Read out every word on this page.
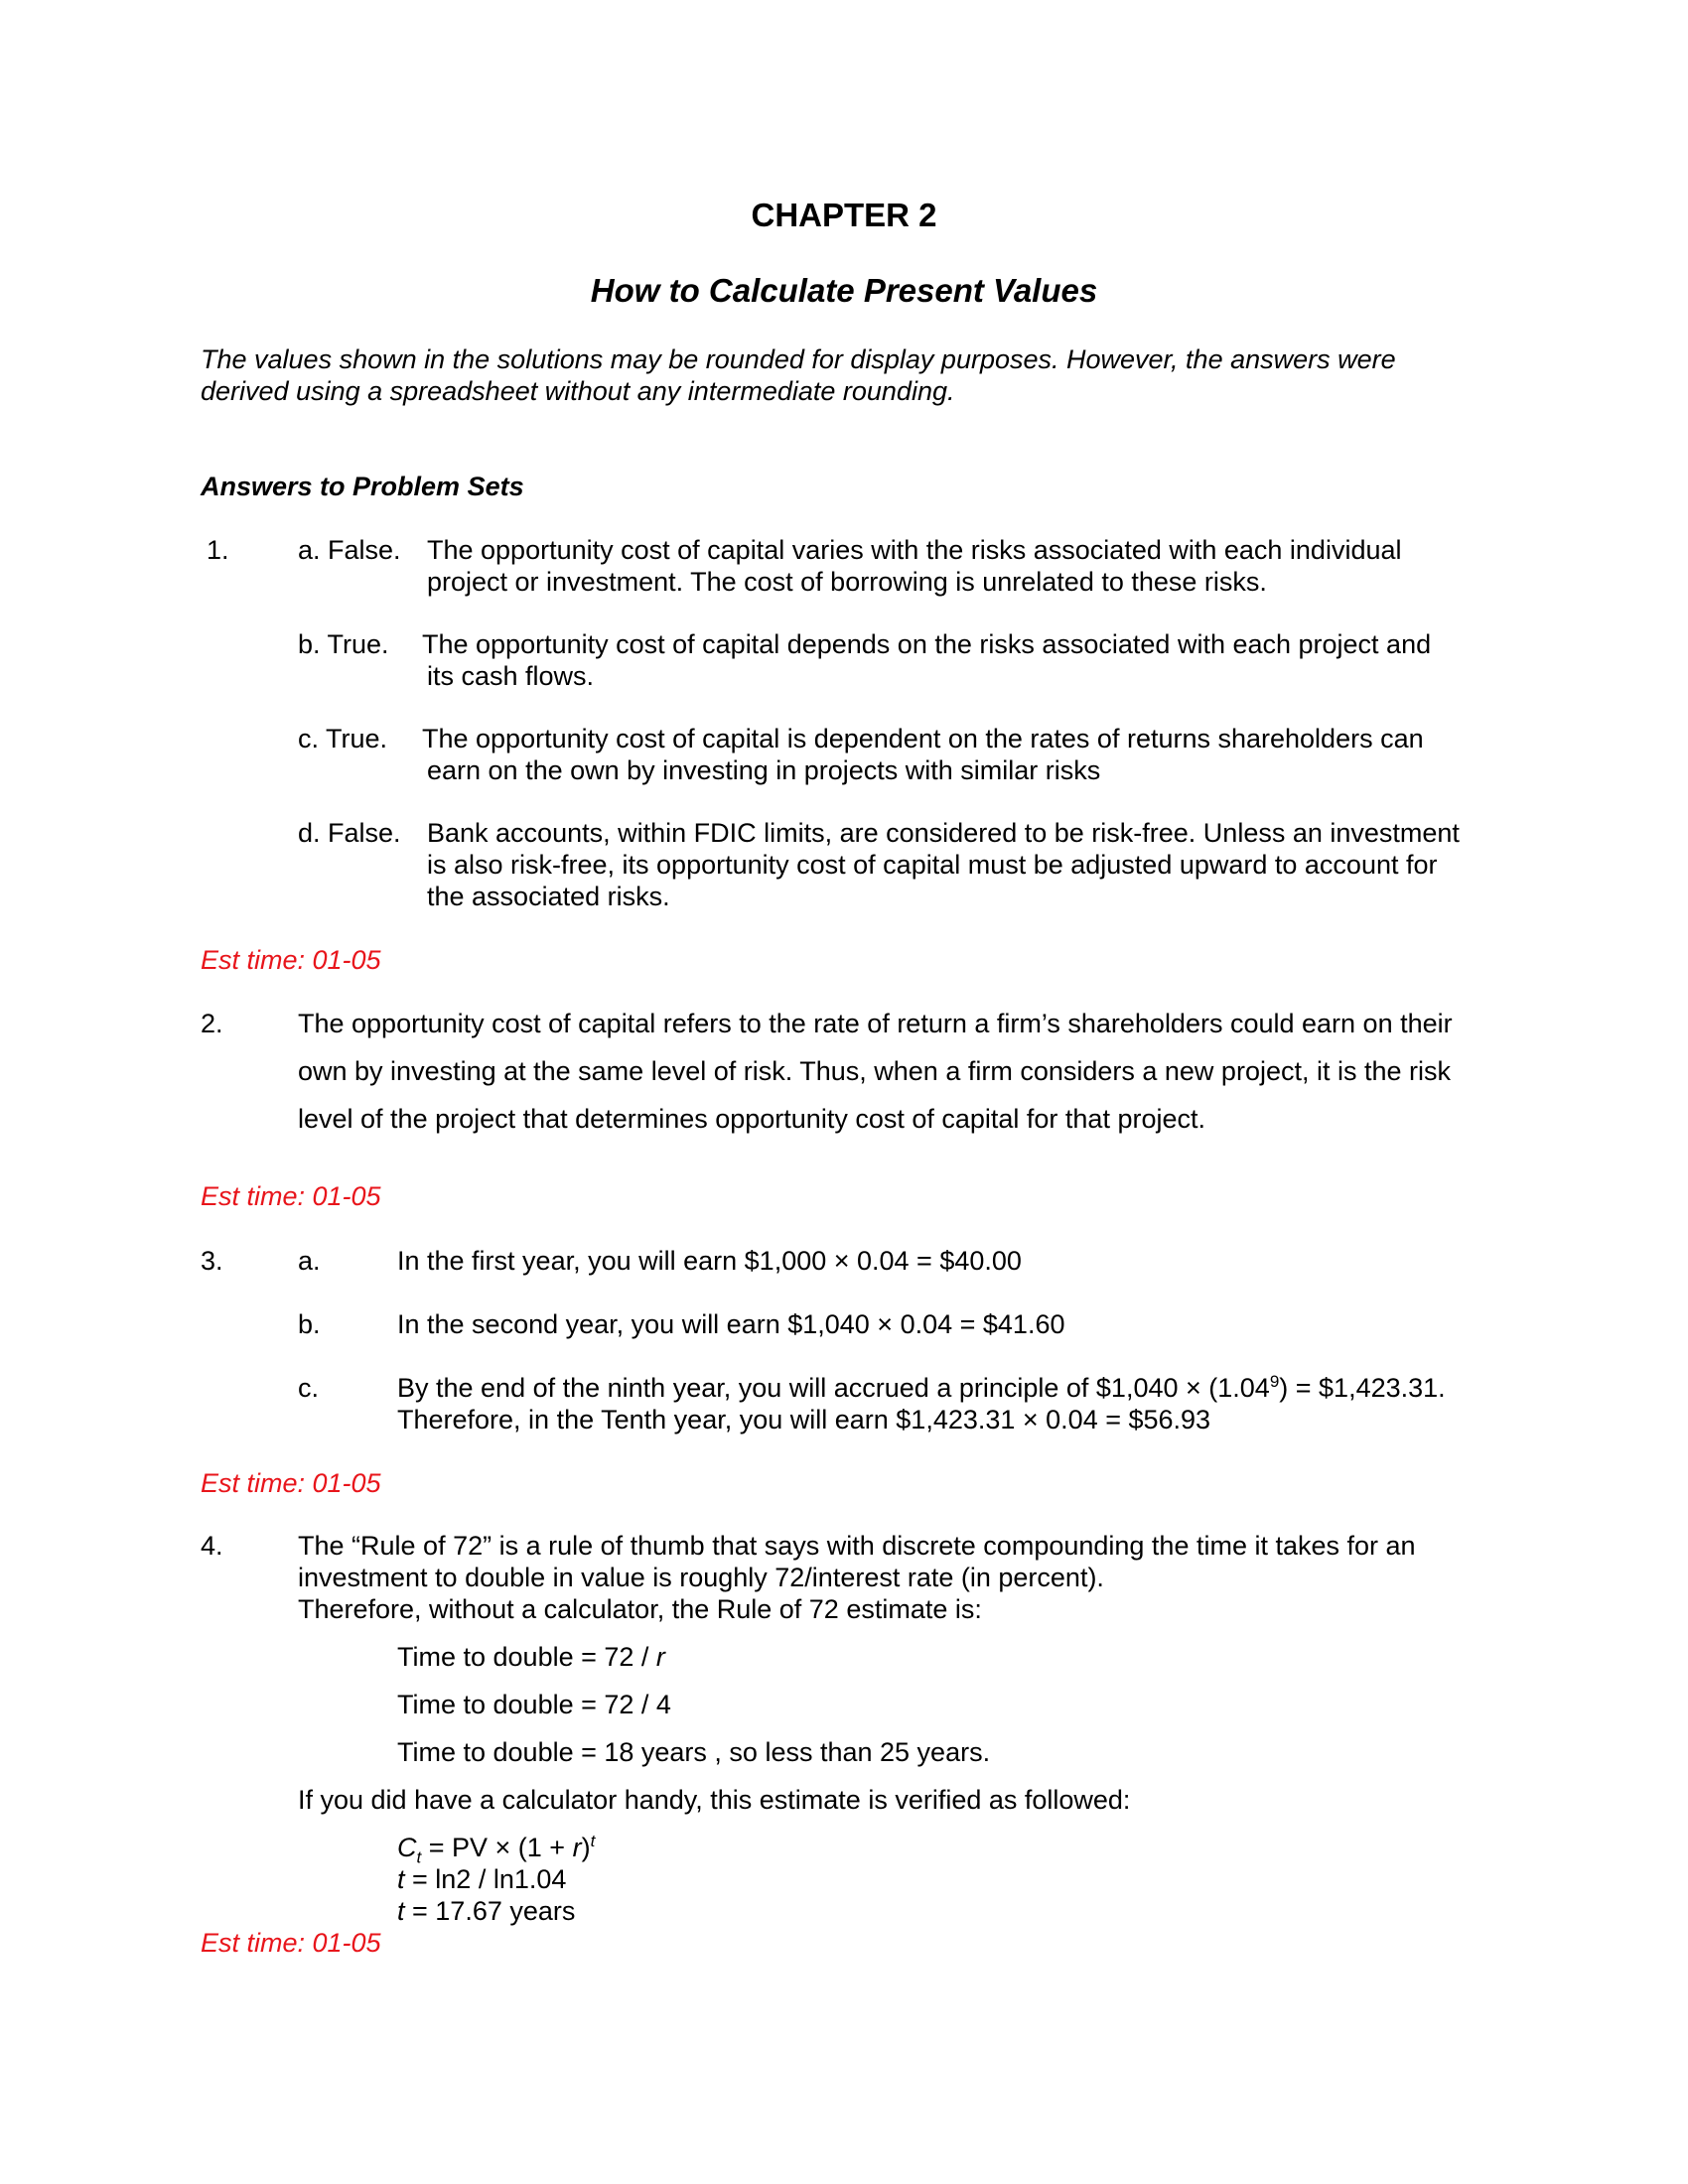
CHAPTER 2
How to Calculate Present Values
The values shown in the solutions may be rounded for display purposes. However, the answers were
derived using a spreadsheet without any intermediate rounding.
Answers to Problem Sets
1.	a. False. The opportunity cost of capital varies with the risks associated with each individual
project or investment. The cost of borrowing is unrelated to these risks.
b. True. The opportunity cost of capital depends on the risks associated with each project and
its cash flows.
c. True. The opportunity cost of capital is dependent on the rates of returns shareholders can
earn on the own by investing in projects with similar risks
d. False. Bank accounts, within FDIC limits, are considered to be risk-free. Unless an investment
is also risk-free, its opportunity cost of capital must be adjusted upward to account for
the associated risks.
Est time: 01-05
2.	The opportunity cost of capital refers to the rate of return a firm’s shareholders could earn on their
own by investing at the same level of risk. Thus, when a firm considers a new project, it is the risk
level of the project that determines opportunity cost of capital for that project.
Est time: 01-05
3.	a.	In the first year, you will earn $1,000 × 0.04 = $40.00
b.	In the second year, you will earn $1,040 × 0.04 = $41.60
c.	By the end of the ninth year, you will accrued a principle of $1,040 × $(1.04^9)$ = $1,423.31.
Therefore, in the Tenth year, you will earn $1,423.31 × 0.04 = $56.93
Est time: 01-05
4.	The “Rule of 72” is a rule of thumb that says with discrete compounding the time it takes for an
investment to double in value is roughly 72/interest rate (in percent).
Therefore, without a calculator, the Rule of 72 estimate is:
Time to double = 72 / r
Time to double = 72 / 4
Time to double = 18 years , so less than 25 years.
If you did have a calculator handy, this estimate is verified as followed:
$C_t$ = PV × $(1 + r)^t$
t = ln2 / ln1.04
t = 17.67 years
Est time: 01-05
